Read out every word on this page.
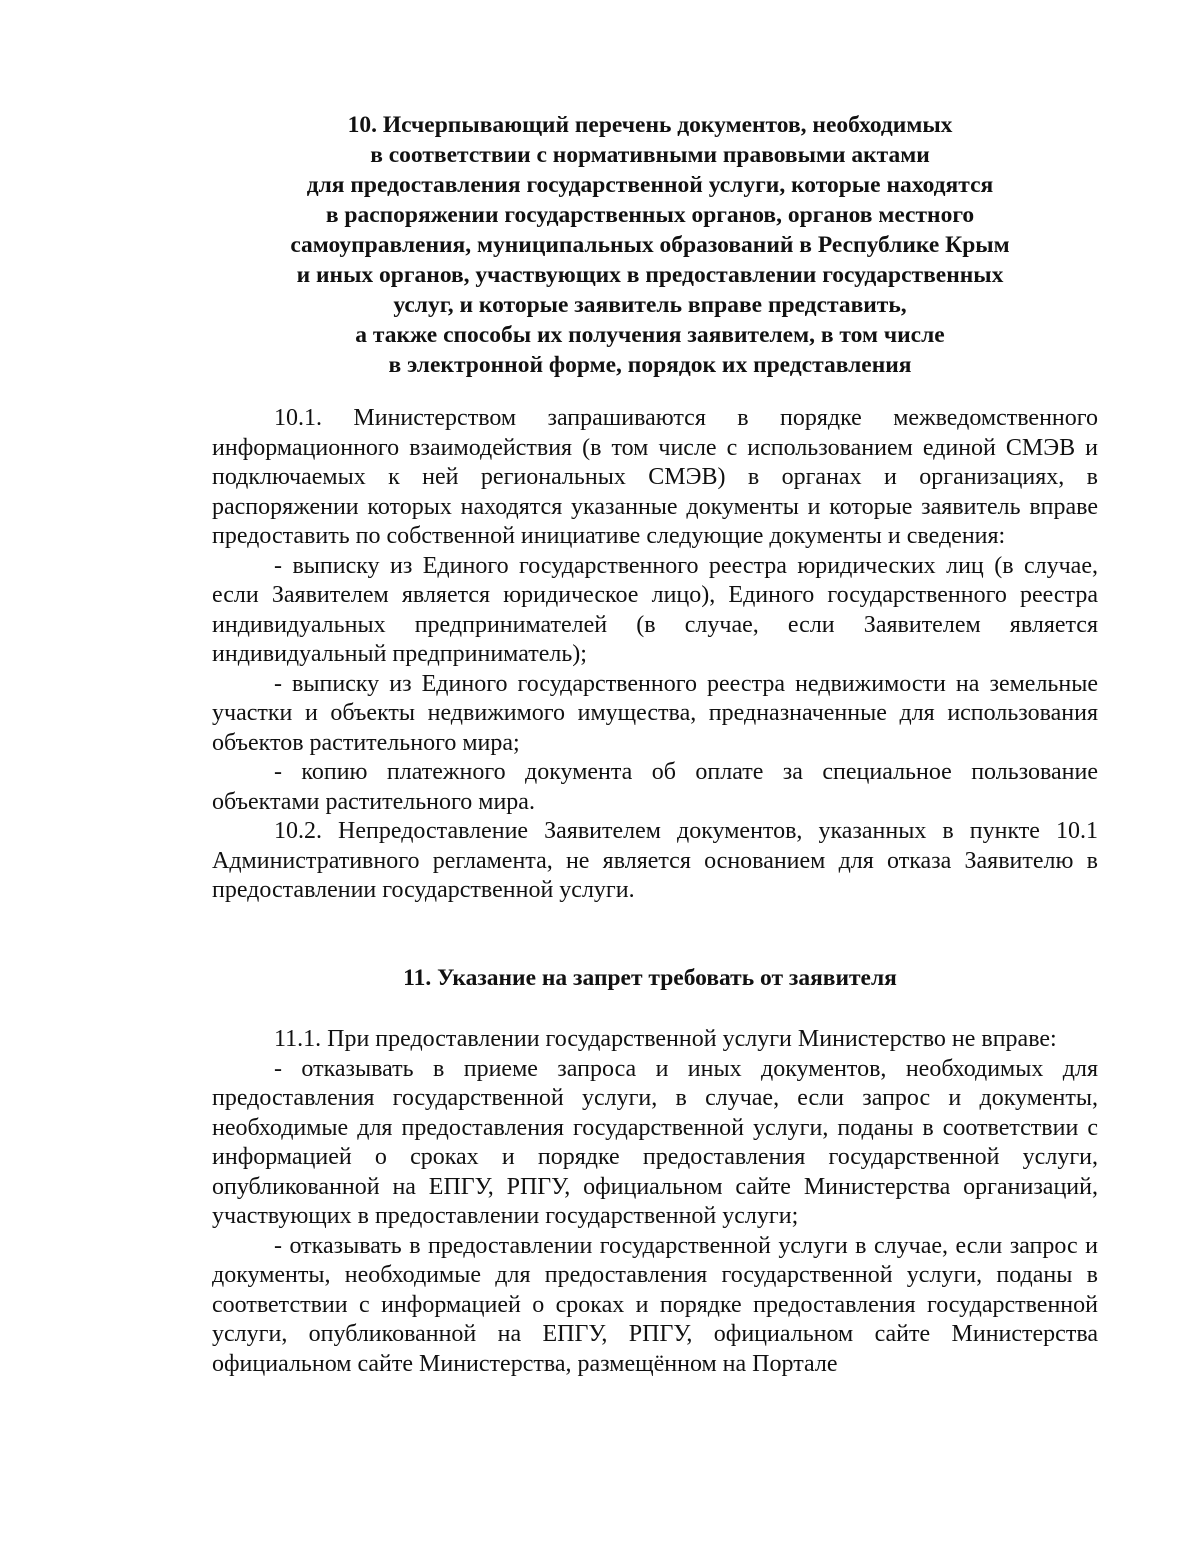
10. Исчерпывающий перечень документов, необходимых
в соответствии с нормативными правовыми актами
для предоставления государственной услуги, которые находятся
в распоряжении государственных органов, органов местного
самоуправления, муниципальных образований в Республике Крым
и иных органов, участвующих в предоставлении государственных
услуг, и которые заявитель вправе представить,
а также способы их получения заявителем, в том числе
в электронной форме, порядок их представления

10.1. Министерством запрашиваются в порядке межведомственного информационного взаимодействия (в том числе с использованием единой СМЭВ и подключаемых к ней региональных СМЭВ) в органах и организациях, в распоряжении которых находятся указанные документы и которые заявитель вправе предоставить по собственной инициативе следующие документы и сведения:

- выписку из Единого государственного реестра юридических лиц (в случае, если Заявителем является юридическое лицо), Единого государственного реестра индивидуальных предпринимателей (в случае, если Заявителем является индивидуальный предприниматель);

- выписку из Единого государственного реестра недвижимости на земельные участки и объекты недвижимого имущества, предназначенные для использования объектов растительного мира;

- копию платежного документа об оплате за специальное пользование объектами растительного мира.

10.2. Непредоставление Заявителем документов, указанных в пункте 10.1 Административного регламента, не является основанием для отказа Заявителю в предоставлении государственной услуги.

11. Указание на запрет требовать от заявителя

11.1. При предоставлении государственной услуги Министерство не вправе:

- отказывать в приеме запроса и иных документов, необходимых для предоставления государственной услуги, в случае, если запрос и документы, необходимые для предоставления государственной услуги, поданы в соответствии с информацией о сроках и порядке предоставления государственной услуги, опубликованной на ЕПГУ, РПГУ, официальном сайте Министерства организаций, участвующих в предоставлении государственной услуги;

- отказывать в предоставлении государственной услуги в случае, если запрос и документы, необходимые для предоставления государственной услуги, поданы в соответствии с информацией о сроках и порядке предоставления государственной услуги, опубликованной на ЕПГУ, РПГУ, официальном сайте Министерства официальном сайте Министерства, размещённом на Портале
